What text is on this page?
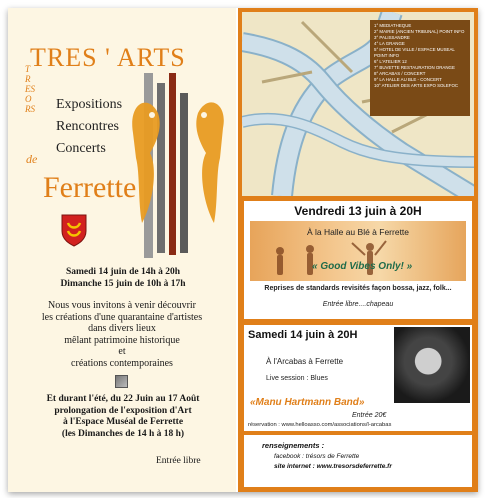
TRES ' ARTS
TRESORS
de
Expositions
Rencontres
Concerts
Ferrette
Samedi 14 juin de 14h à 20h
Dimanche 15 juin de 10h à 17h
Nous vous invitons à venir découvrir
les créations d'une quarantaine d'artistes
dans divers lieux
mêlant patrimoine historique
et
créations contemporaines
Et durant l'été, du 22 Juin au 17 Août
prolongation de l'exposition d'Art
à l'Espace Muséal de Ferrette
(les Dimanches de 14 h à 18 h)
Entrée libre
1° MEDIATHEQUE
2° MAIRIE (ANCIEN TRIBUNAL) POINT INFO
3° PALISSANDRE
4° LA GRANGE
5° HOTEL DE VILLE / ESPACE MUSEAL POINT INFO
6° L'ATELIER 12
7° BUVETTE RESTAURATION ORANGE
8° ARCABAS / CONCERT
9° LA HALLE AU BLE - CONCERT
10° ATELIER DES ARTS EXPO SOLEFOC
Vendredi 13 juin à 20H
À la Halle au Blé à Ferrette
« Good Vibes Only! »
Reprises de standards revisités façon bossa, jazz, folk...
Entrée libre....chapeau
Samedi 14 juin à 20H
À l'Arcabas à Ferrette
Live session : Blues
«Manu Hartmann Band»
Entrée 20€
réservation : www.helloasso.com/associations/l-arcabas
renseignements :
facebook : trésors de Ferrette
site internet : www.tresorsdeferrette.fr
